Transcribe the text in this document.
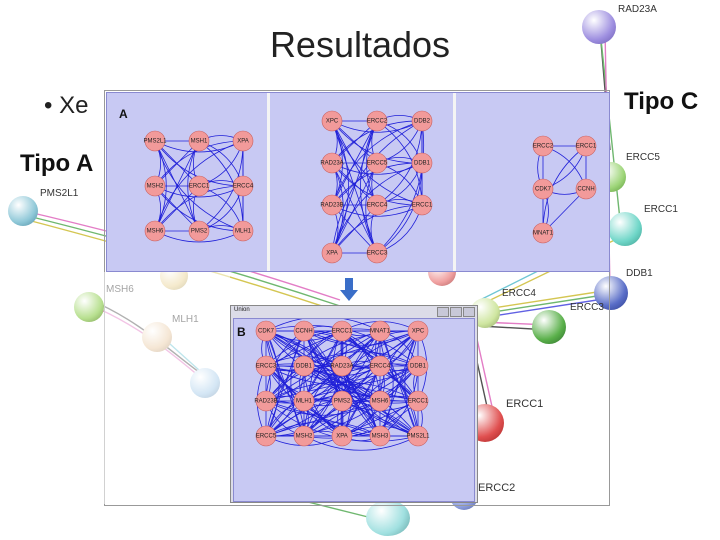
RAD23A
ERCC5
ERCC1
DDB1
ERCC4
ERCC3
PMS2L1
ERCC1
ERCC2
Resultados
• Xe
Tipo A
Tipo C
A
PMS2L1	MSH1	XPA
MSH2	ERCC1	ERCC4
MSH6	PMS2	MLH1
XPC	ERCC2	DDB2
RAD23A	ERCC5	DDB1
RAD23B	ERCC4	ERCC1
XPA	ERCC3
ERCC2	ERCC1
CDK7	CCNH
MNAT1
Union
B CDK7	CCNH	ERCC1	MNAT1	XPC
ERCC3	DDB1	RAD23A	ERCC4	DDB1
RAD23B	MLH1	PMS2	MSH6	ERCC1
ERCC5	MSH2	XPA	MSH3	PMS2L1
